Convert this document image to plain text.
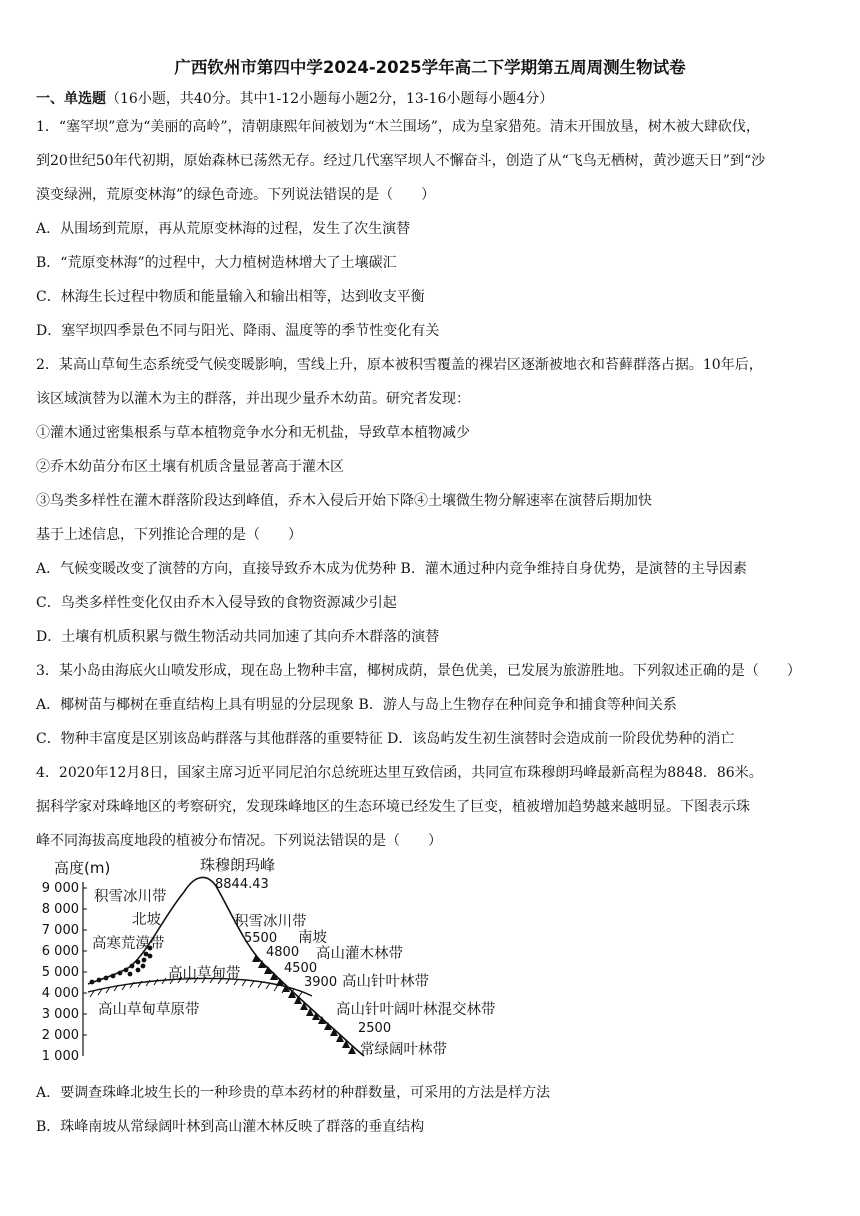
广西钦州市第四中学2024-2025学年高二下学期第五周周测生物试卷
一、单选题（16小题，共40分。其中1-12小题每小题2分，13-16小题每小题4分）
1．“塞罕坝”意为“美丽的高岭”，清朝康熙年间被划为“木兰围场”，成为皇家猎苑。清末开围放垦，树木被大肆砍伐，
到20世纪50年代初期，原始森林已荡然无存。经过几代塞罕坝人不懈奋斗，创造了从“飞鸟无栖树，黄沙遮天日”到“沙
漠变绿洲，荒原变林海”的绿色奇迹。下列说法错误的是（　　）
A．从围场到荒原，再从荒原变林海的过程，发生了次生演替
B．“荒原变林海”的过程中，大力植树造林增大了土壤碳汇
C．林海生长过程中物质和能量输入和输出相等，达到收支平衡
D．塞罕坝四季景色不同与阳光、降雨、温度等的季节性变化有关
2．某高山草甸生态系统受气候变暖影响，雪线上升，原本被积雪覆盖的裸岩区逐渐被地衣和苔藓群落占据。10年后，
该区域演替为以灌木为主的群落，并出现少量乔木幼苗。研究者发现：
①灌木通过密集根系与草本植物竞争水分和无机盐，导致草本植物减少
②乔木幼苗分布区土壤有机质含量显著高于灌木区
③鸟类多样性在灌木群落阶段达到峰值，乔木入侵后开始下降④土壤微生物分解速率在演替后期加快
基于上述信息，下列推论合理的是（　　）
A．气候变暖改变了演替的方向，直接导致乔木成为优势种 B．灌木通过种内竞争维持自身优势，是演替的主导因素
C．鸟类多样性变化仅由乔木入侵导致的食物资源减少引起
D．土壤有机质积累与微生物活动共同加速了其向乔木群落的演替
3．某小岛由海底火山喷发形成，现在岛上物种丰富，椰树成荫，景色优美，已发展为旅游胜地。下列叙述正确的是（　　）
A．椰树苗与椰树在垂直结构上具有明显的分层现象 B．游人与岛上生物存在种间竞争和捕食等种间关系
C．物种丰富度是区别该岛屿群落与其他群落的重要特征 D．该岛屿发生初生演替时会造成前一阶段优势种的消亡
4．2020年12月8日，国家主席习近平同尼泊尔总统班达里互致信函，共同宣布珠穆朗玛峰最新高程为8848．86米。
据科学家对珠峰地区的考察研究，发现珠峰地区的生态环境已经发生了巨变，植被增加趋势越来越明显。下图表示珠
峰不同海拔高度地段的植被分布情况。下列说法错误的是（　　）
高度(m)
9 000
8 000
7 000
6 000
5 000
4 000
3 000
2 000
1 000
珠穆朗玛峰
8844.43
积雪冰川带
北坡
高寒荒漠带
高山草甸带
高山草甸草原带
积雪冰川带
5500 南坡
4800 高山灌木林带
4500
3900 高山针叶林带
高山针叶阔叶林混交林带
2500
常绿阔叶林带
A．要调查珠峰北坡生长的一种珍贵的草本药材的种群数量，可采用的方法是样方法
B．珠峰南坡从常绿阔叶林到高山灌木林反映了群落的垂直结构
